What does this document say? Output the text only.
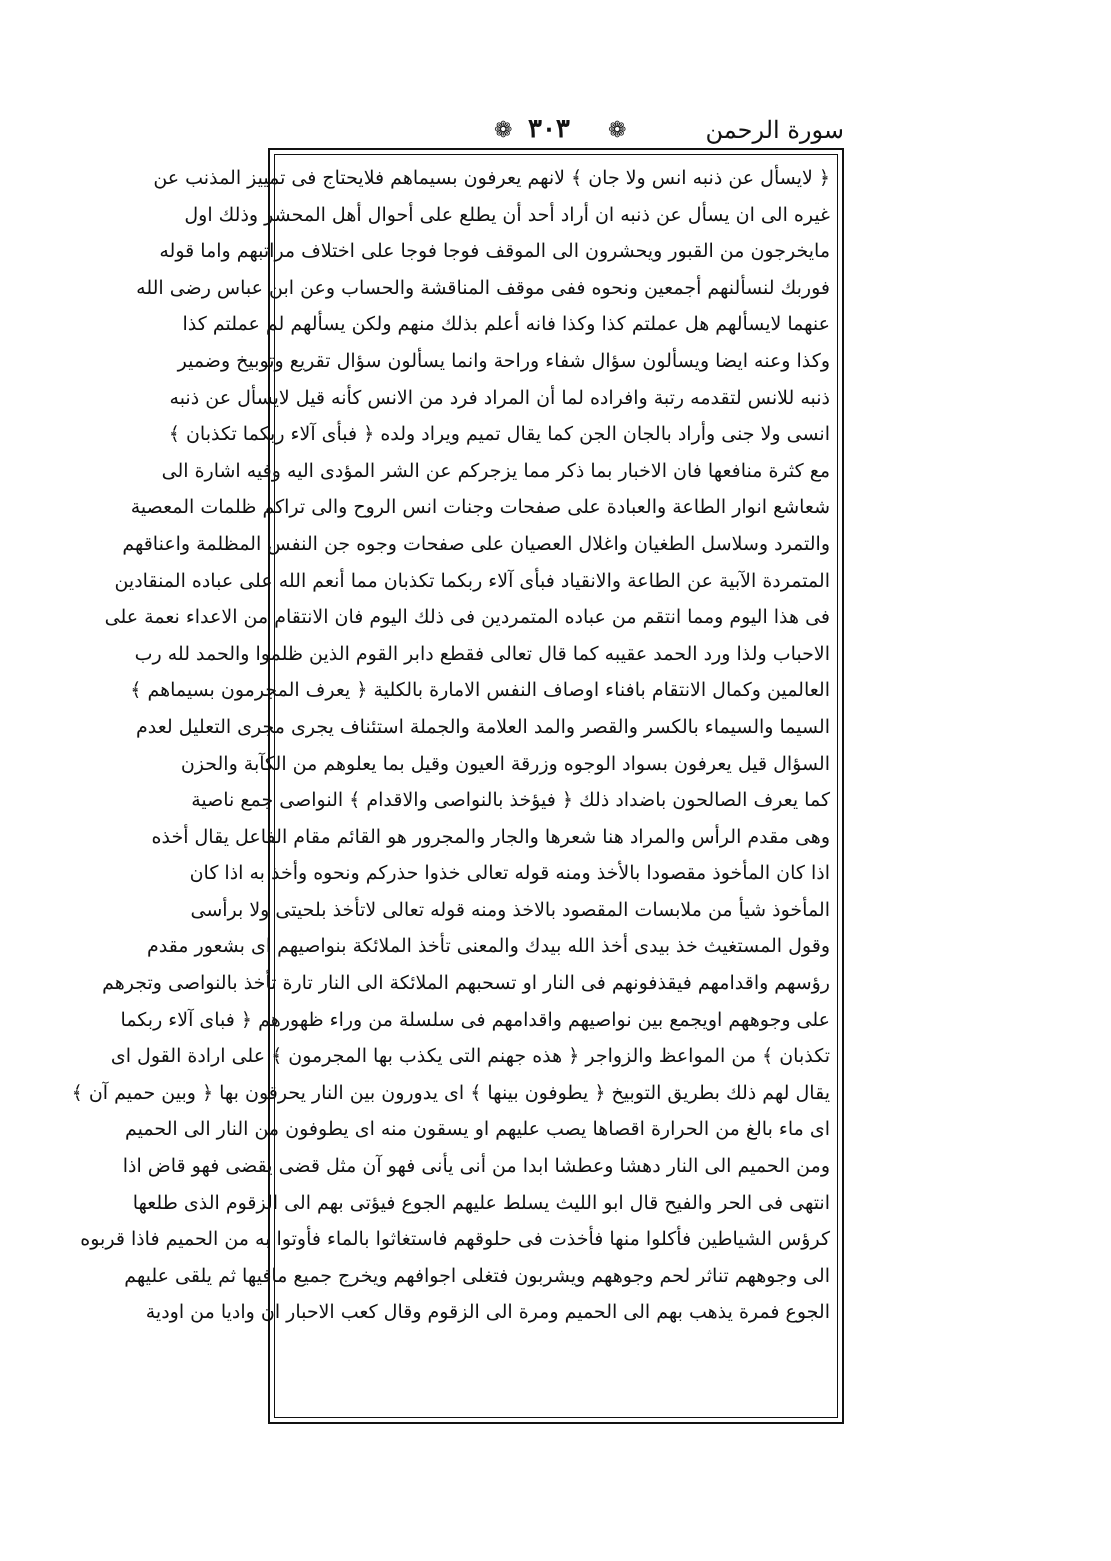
سورة الرحمن
❁ ٣٠٣ ❁
﴿ لايسأل عن ذنبه انس ولا جان ﴾ لانهم يعرفون بسيماهم فلايحتاج فى تمييز المذنب عن
غيره الى ان يسأل عن ذنبه ان أراد أحد أن يطلع على أحوال أهل المحشر وذلك اول
مايخرجون من القبور ويحشرون الى الموقف فوجا فوجا على اختلاف مراتبهم واما قوله
فوربك لنسألنهم أجمعين ونحوه ففى موقف المناقشة والحساب وعن ابن عباس رضى الله
عنهما لايسألهم هل عملتم كذا وكذا فانه أعلم بذلك منهم ولكن يسألهم لم عملتم كذا
وكذا وعنه ايضا ويسألون سؤال شفاء وراحة وانما يسألون سؤال تقريع وتوبيخ وضمير
ذنبه للانس لتقدمه رتبة وافراده لما أن المراد فرد من الانس كأنه قيل لايسأل عن ذنبه
انسى ولا جنى وأراد بالجان الجن كما يقال تميم ويراد ولده ﴿ فبأى آلاء ربكما تكذبان ﴾
مع كثرة منافعها فان الاخبار بما ذكر مما يزجركم عن الشر المؤدى اليه وفيه اشارة الى
شعاشع انوار الطاعة والعبادة على صفحات وجنات انس الروح والى تراكم ظلمات المعصية
والتمرد وسلاسل الطغيان واغلال العصيان على صفحات وجوه جن النفس المظلمة واعناقهم
المتمردة الآبية عن الطاعة والانقياد فبأى آلاء ربكما تكذبان مما أنعم الله على عباده المنقادين
فى هذا اليوم ومما انتقم من عباده المتمردين فى ذلك اليوم فان الانتقام من الاعداء نعمة على
الاحباب ولذا ورد الحمد عقيبه كما قال تعالى فقطع دابر القوم الذين ظلموا والحمد لله رب
العالمين وكمال الانتقام بافناء اوصاف النفس الامارة بالكلية ﴿ يعرف المجرمون بسيماهم ﴾
السيما والسيماء بالكسر والقصر والمد العلامة والجملة استئناف يجرى مجرى التعليل لعدم
السؤال قيل يعرفون بسواد الوجوه وزرقة العيون وقيل بما يعلوهم من الكآبة والحزن
كما يعرف الصالحون باضداد ذلك ﴿ فيؤخذ بالنواصى والاقدام ﴾ النواصى جمع ناصية
وهى مقدم الرأس والمراد هنا شعرها والجار والمجرور هو القائم مقام الفاعل يقال أخذه
اذا كان المأخوذ مقصودا بالأخذ ومنه قوله تعالى خذوا حذركم ونحوه وأخذ به اذا كان
المأخوذ شيأ من ملابسات المقصود بالاخذ ومنه قوله تعالى لاتأخذ بلحيتى ولا برأسى
وقول المستغيث خذ بيدى أخذ الله بيدك والمعنى تأخذ الملائكة بنواصيهم اى بشعور مقدم
رؤسهم واقدامهم فيقذفونهم فى النار او تسحبهم الملائكة الى النار تارة تأخذ بالنواصى وتجرهم
على وجوههم اويجمع بين نواصيهم واقدامهم فى سلسلة من وراء ظهورهم ﴿ فباى آلاء ربكما
تكذبان ﴾ من المواعظ والزواجر ﴿ هذه جهنم التى يكذب بها المجرمون ﴾ على ارادة القول اى
يقال لهم ذلك بطريق التوبيخ ﴿ يطوفون بينها ﴾ اى يدورون بين النار يحرقون بها ﴿ وبين حميم آن ﴾
اى ماء بالغ من الحرارة اقصاها يصب عليهم او يسقون منه اى يطوفون من النار الى الحميم
ومن الحميم الى النار دهشا وعطشا ابدا من أنى يأنى فهو آن مثل قضى يقضى فهو قاض اذا
انتهى فى الحر والفيح قال ابو الليث يسلط عليهم الجوع فيؤتى بهم الى الزقوم الذى طلعها
كرؤس الشياطين فأكلوا منها فأخذت فى حلوقهم فاستغاثوا بالماء فأوتوا به من الحميم فاذا قربوه
الى وجوههم تناثر لحم وجوههم ويشربون فتغلى اجوافهم ويخرج جميع مافيها ثم يلقى عليهم
الجوع فمرة يذهب بهم الى الحميم ومرة الى الزقوم وقال كعب الاحبار ان واديا من اودية
